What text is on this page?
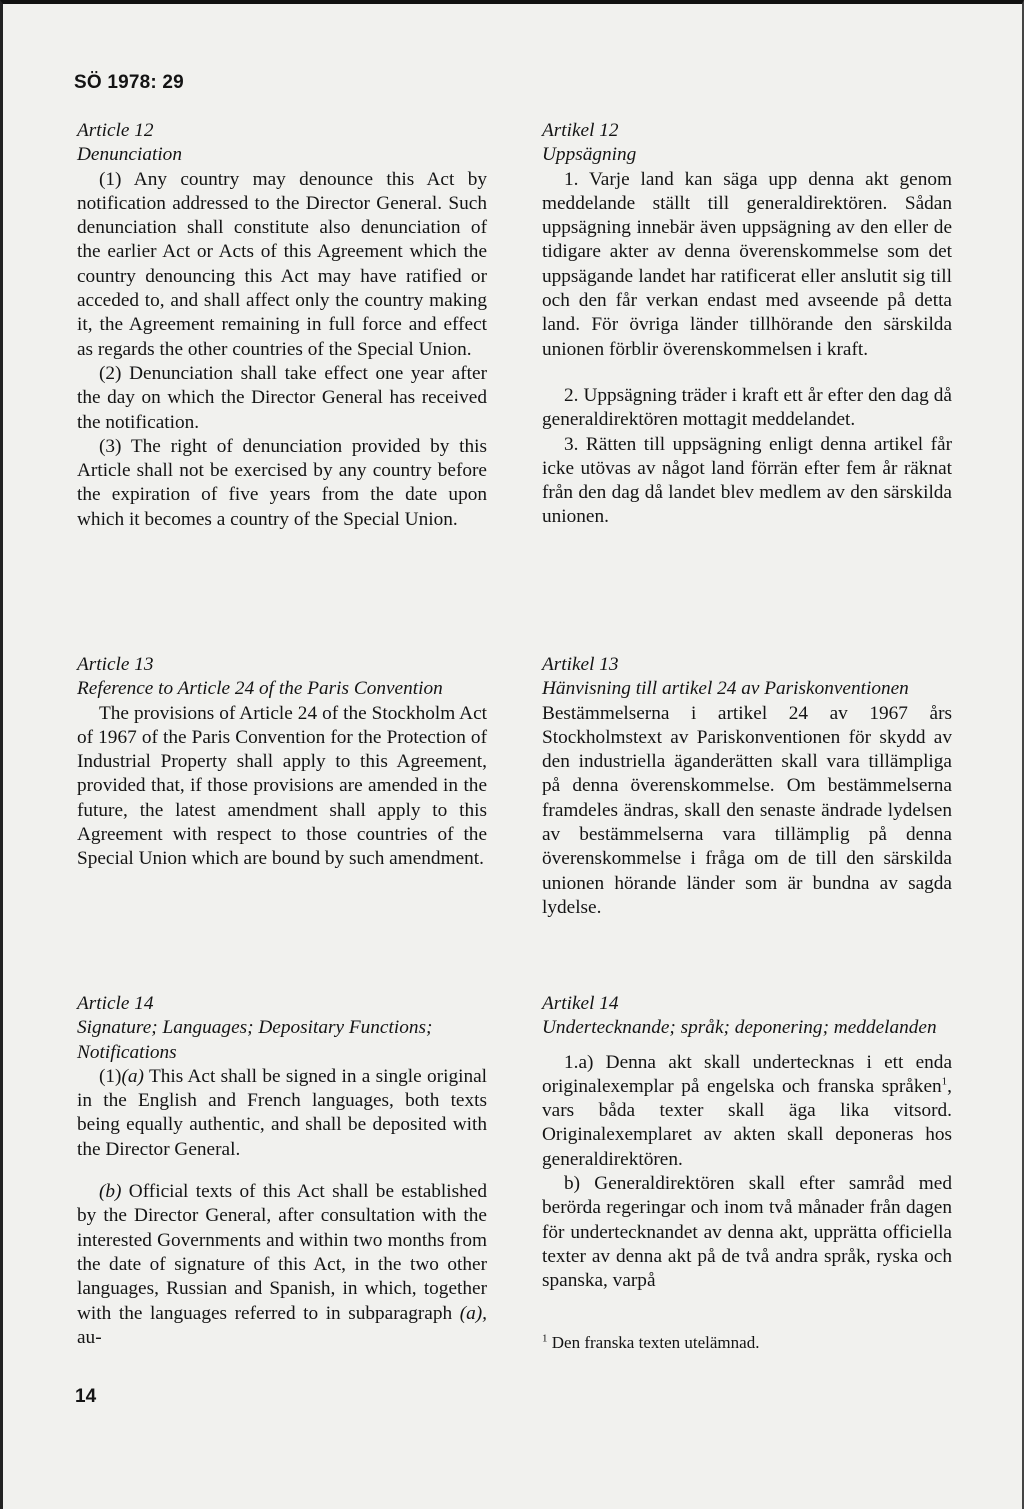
SÖ 1978: 29

Article 12

Denunciation

(1) Any country may denounce this Act by notification addressed to the Director General. Such denunciation shall constitute also denunciation of the earlier Act or Acts of this Agreement which the country denouncing this Act may have ratified or acceded to, and shall affect only the country making it, the Agreement remaining in full force and effect as regards the other countries of the Special Union.

(2) Denunciation shall take effect one year after the day on which the Director General has received the notification.

(3) The right of denunciation provided by this Article shall not be exercised by any country before the expiration of five years from the date upon which it becomes a country of the Special Union.

Article 13

Reference to Article 24 of the Paris Convention

The provisions of Article 24 of the Stockholm Act of 1967 of the Paris Convention for the Protection of Industrial Property shall apply to this Agreement, provided that, if those provisions are amended in the future, the latest amendment shall apply to this Agreement with respect to those countries of the Special Union which are bound by such amendment.

Article 14

Signature; Languages; Depositary Functions; Notifications

(1)(a) This Act shall be signed in a single original in the English and French languages, both texts being equally authentic, and shall be deposited with the Director General.

(b) Official texts of this Act shall be established by the Director General, after consultation with the interested Governments and within two months from the date of signature of this Act, in the two other languages, Russian and Spanish, in which, together with the languages referred to in subparagraph (a), au-

Artikel 12

Uppsägning

1. Varje land kan säga upp denna akt genom meddelande ställt till generaldirektören. Sådan uppsägning innebär även uppsägning av den eller de tidigare akter av denna överenskommelse som det uppsägande landet har ratificerat eller anslutit sig till och den får verkan endast med avseende på detta land. För övriga länder tillhörande den särskilda unionen förblir överenskommelsen i kraft.

2. Uppsägning träder i kraft ett år efter den dag då generaldirektören mottagit meddelandet.

3. Rätten till uppsägning enligt denna artikel får icke utövas av något land förrän efter fem år räknat från den dag då landet blev medlem av den särskilda unionen.

Artikel 13

Hänvisning till artikel 24 av Pariskonventionen

Bestämmelserna i artikel 24 av 1967 års Stockholmstext av Pariskonventionen för skydd av den industriella äganderätten skall vara tillämpliga på denna överenskommelse. Om bestämmelserna framdeles ändras, skall den senaste ändrade lydelsen av bestämmelserna vara tillämplig på denna överenskommelse i fråga om de till den särskilda unionen hörande länder som är bundna av sagda lydelse.

Artikel 14

Undertecknande; språk; deponering; meddelanden

1.a) Denna akt skall undertecknas i ett enda originalexemplar på engelska och franska språken$^1$, vars båda texter skall äga lika vitsord. Originalexemplaret av akten skall deponeras hos generaldirektören.

b) Generaldirektören skall efter samråd med berörda regeringar och inom två månader från dagen för undertecknandet av denna akt, upprätta officiella texter av denna akt på de två andra språk, ryska och spanska, varpå

$^1$ Den franska texten utelämnad.
14
